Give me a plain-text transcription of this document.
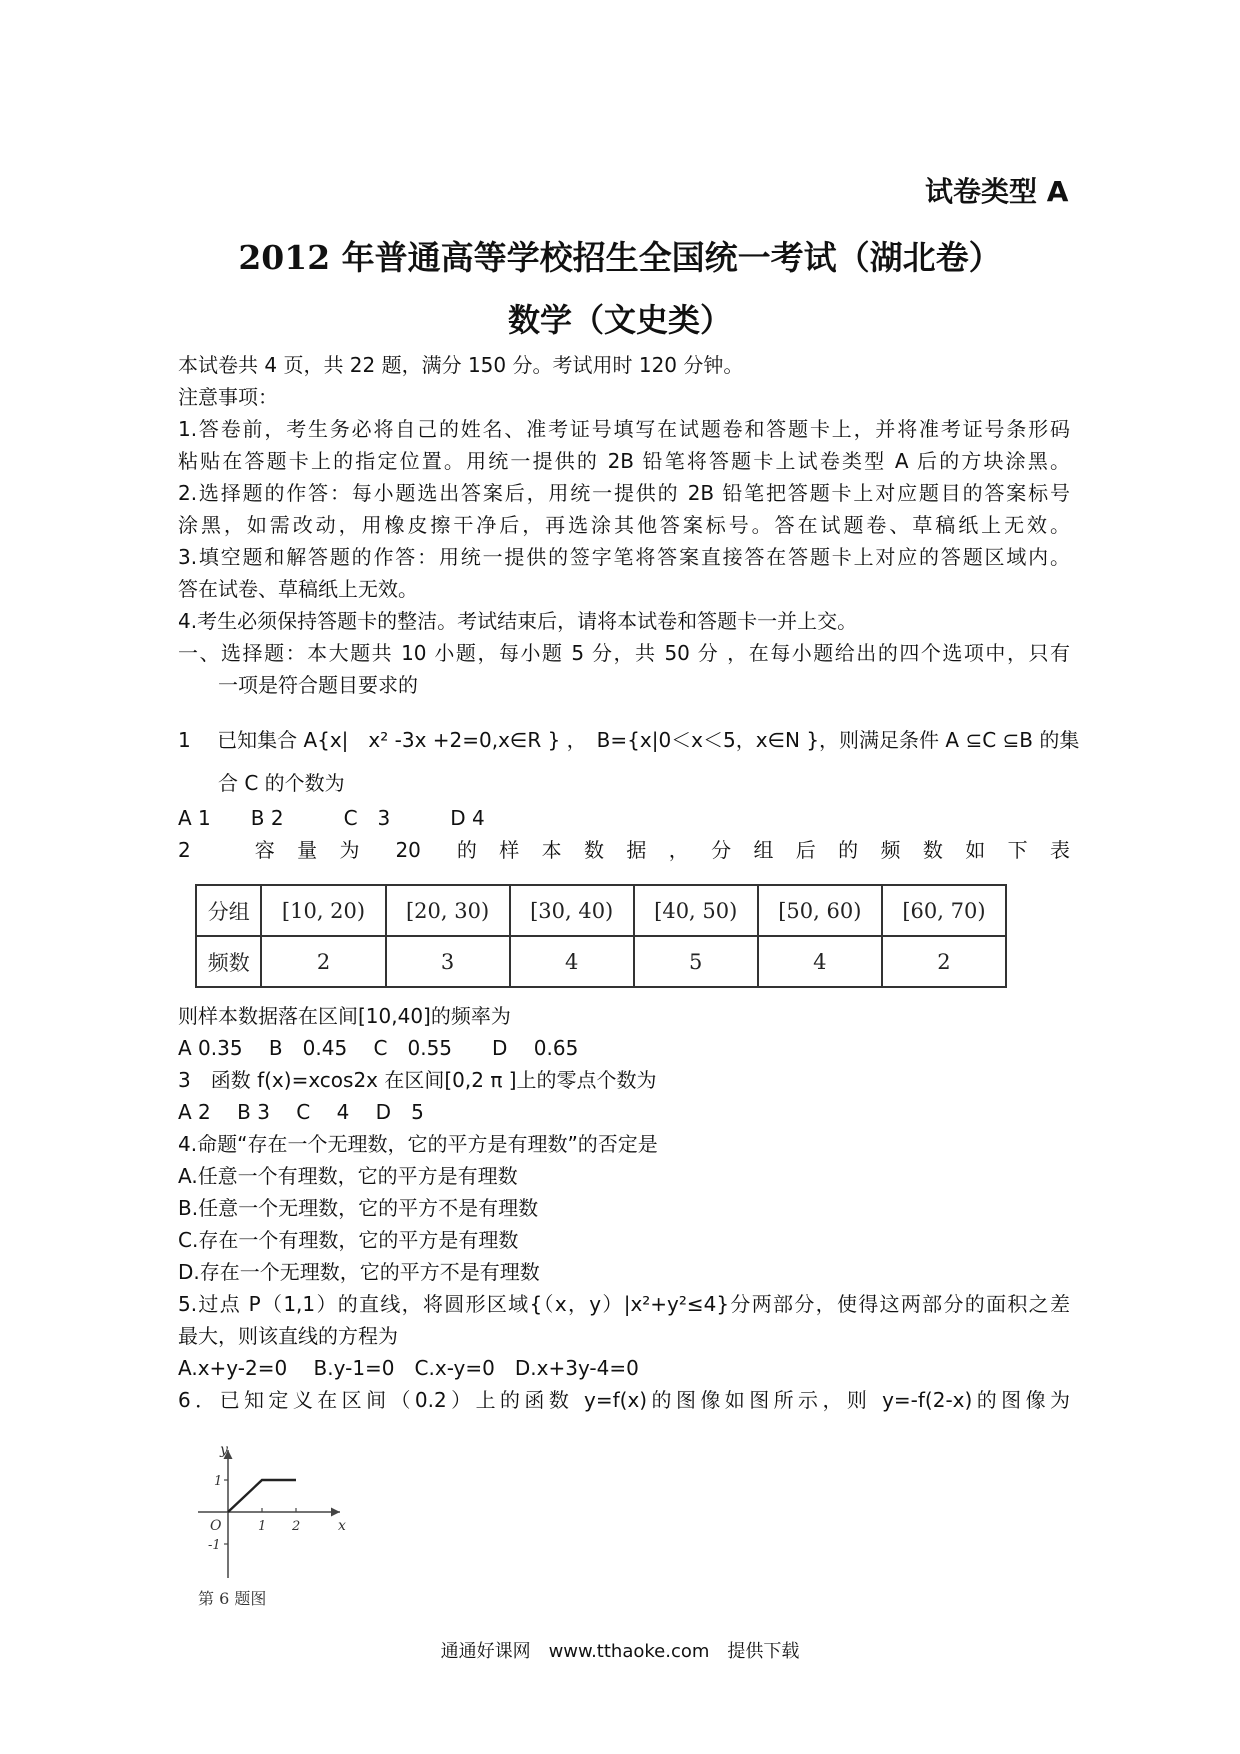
试卷类型 A
2012 年普通高等学校招生全国统一考试（湖北卷）
数学（文史类）
本试卷共 4 页，共 22 题，满分 150 分。考试用时 120 分钟。
注意事项：
1.答卷前，考生务必将自己的姓名、准考证号填写在试题卷和答题卡上，并将准考证号条形码
粘贴在答题卡上的指定位置。用统一提供的 2B 铅笔将答题卡上试卷类型 A 后的方块涂黑。
2.选择题的作答：每小题选出答案后，用统一提供的 2B 铅笔把答题卡上对应题目的答案标号
涂黑，如需改动，用橡皮擦干净后，再选涂其他答案标号。答在试题卷、草稿纸上无效。
3.填空题和解答题的作答：用统一提供的签字笔将答案直接答在答题卡上对应的答题区域内。
答在试卷、草稿纸上无效。
4.考生必须保持答题卡的整洁。考试结束后，请将本试卷和答题卡一并上交。
一、选择题：本大题共 10 小题，每小题 5 分，共 50 分 ，在每小题给出的四个选项中，只有
一项是符合题目要求的
1　 已知集合 A{x|　x² -3x +2=0,x∈R } ，　B={x|0＜x＜5，x∈N }，则满足条件 A ⊆C ⊆B 的集
合 C 的个数为
A 1　　B 2　　　C　3　　　D 4
2　　容 量 为　20　的 样 本 数 据 ， 分 组 后 的 频 数 如 下 表
分组	[10, 20)	[20, 30)	[30, 40)	[40, 50)	[50, 60)	[60, 70)
频数	2	3	4	5	4	2
则样本数据落在区间[10,40]的频率为
A 0.35　 B　0.45　 C　0.55　　D　 0.65
3　函数 f(x)=xcos2x 在区间[0,2 π ]上的零点个数为
A 2　 B 3　 C　 4　 D　5
4.命题“存在一个无理数，它的平方是有理数”的否定是
A.任意一个有理数，它的平方是有理数
B.任意一个无理数，它的平方不是有理数
C.存在一个有理数，它的平方是有理数
D.存在一个无理数，它的平方不是有理数
5.过点 P（1,1）的直线，将圆形区域{（x，y）|x²+y²≤4}分两部分，使得这两部分的面积之差
最大，则该直线的方程为
A.x+y-2=0　 B.y-1=0　C.x-y=0　D.x+3y-4=0
6．已知定义在区间（0.2）上的函数 y=f(x)的图像如图所示，则 y=-f(2-x)的图像为
y
x
O
1
-1
1 2
第 6 题图
通通好课网　www.tthaoke.com　提供下载
